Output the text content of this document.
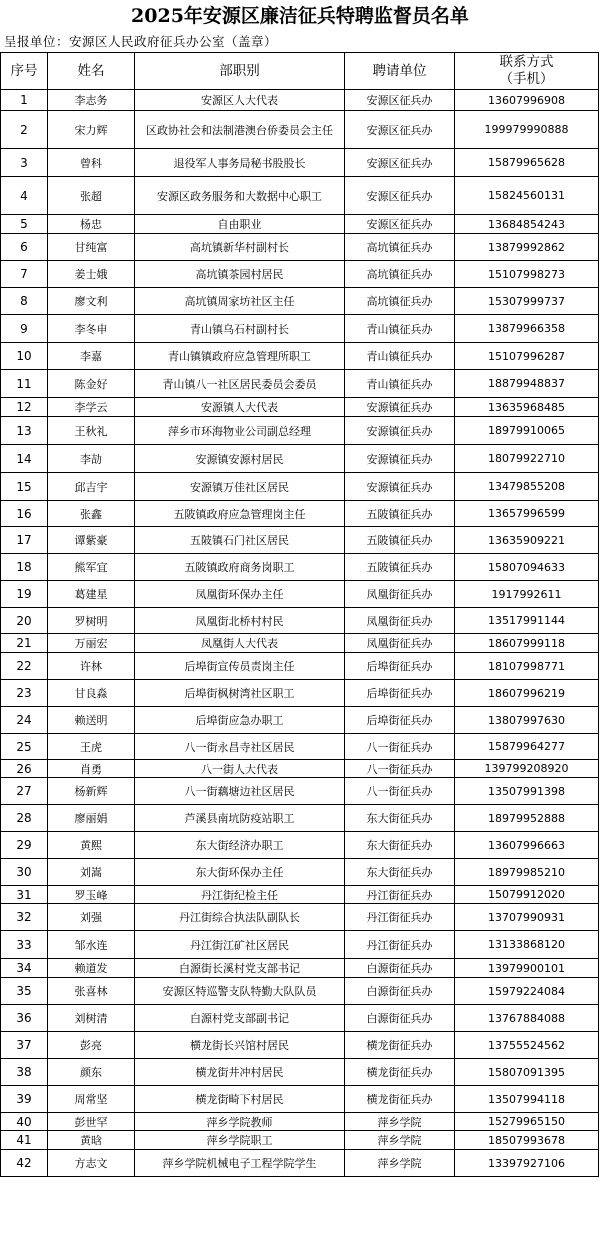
2025年安源区廉洁征兵特聘监督员名单
呈报单位：安源区人民政府征兵办公室（盖章）
序号	姓名	部职别	聘请单位	联系方式
（手机）

1	李志务	安源区人大代表	安源区征兵办	13607996908
2	宋力辉	区政协社会和法制港澳台侨委员会主任	安源区征兵办	199979990888
3	曾科	退役军人事务局秘书股股长	安源区征兵办	15879965628
4	张超	安源区政务服务和大数据中心职工	安源区征兵办	15824560131
5	杨忠	自由职业	安源区征兵办	13684854243
6	甘纯富	高坑镇新华村副村长	高坑镇征兵办	13879992862
7	姜士娥	高坑镇茶园村居民	高坑镇征兵办	15107998273
8	廖文利	高坑镇周家坊社区主任	高坑镇征兵办	15307999737
9	李冬申	青山镇乌石村副村长	青山镇征兵办	13879966358
10	李嘉	青山镇镇政府应急管理所职工	青山镇征兵办	15107996287
11	陈金好	青山镇八一社区居民委员会委员	青山镇征兵办	18879948837
12	李学云	安源镇人大代表	安源镇征兵办	13635968485
13	王秋礼	萍乡市环海物业公司副总经理	安源镇征兵办	18979910065
14	李劼	安源镇安源村居民	安源镇征兵办	18079922710
15	邱吉宇	安源镇万佳社区居民	安源镇征兵办	13479855208
16	张鑫	五陂镇政府应急管理岗主任	五陂镇征兵办	13657996599
17	谭紫豪	五陂镇石门社区居民	五陂镇征兵办	13635909221
18	熊军宜	五陂镇政府商务岗职工	五陂镇征兵办	15807094633
19	葛建星	凤凰街环保办主任	凤凰街征兵办	1917992611
20	罗树明	凤凰街北桥村村民	凤凰街征兵办	13517991144
21	万丽宏	凤凰街人大代表	凤凰街征兵办	18607999118
22	许林	后埠街宣传员责岗主任	后埠街征兵办	18107998771
23	甘良淼	后埠街枫树湾社区职工	后埠街征兵办	18607996219
24	赖送明	后埠街应急办职工	后埠街征兵办	13807997630
25	王虎	八一街永昌寺社区居民	八一街征兵办	15879964277
26	肖勇	八一街人大代表	八一街征兵办	139799208920
27	杨新辉	八一街藕塘边社区居民	八一街征兵办	13507991398
28	廖丽娟	芦溪县南坑防疫站职工	东大街征兵办	18979952888
29	黄熙	东大街经济办职工	东大街征兵办	13607996663
30	刘嵩	东大街环保办主任	东大街征兵办	18979985210
31	罗玉峰	丹江街纪检主任	丹江街征兵办	15079912020
32	刘强	丹江街综合执法队副队长	丹江街征兵办	13707990931
33	邹水连	丹江街江矿社区居民	丹江街征兵办	13133868120
34	赖道发	白源街长溪村党支部书记	白源街征兵办	13979900101
35	张喜林	安源区特巡警支队特勤大队队员	白源街征兵办	15979224084
36	刘树清	白源村党支部副书记	白源街征兵办	13767884088
37	彭亮	横龙街长兴馆村居民	横龙街征兵办	13755524562
38	颜东	横龙街井冲村居民	横龙街征兵办	15807091395
39	周常坚	横龙街畸下村居民	横龙街征兵办	13507994118
40	彭世罕	萍乡学院教师	萍乡学院	15279965150
41	黄晗	萍乡学院职工	萍乡学院	18507993678
42	方志文	萍乡学院机械电子工程学院学生	萍乡学院	13397927106
